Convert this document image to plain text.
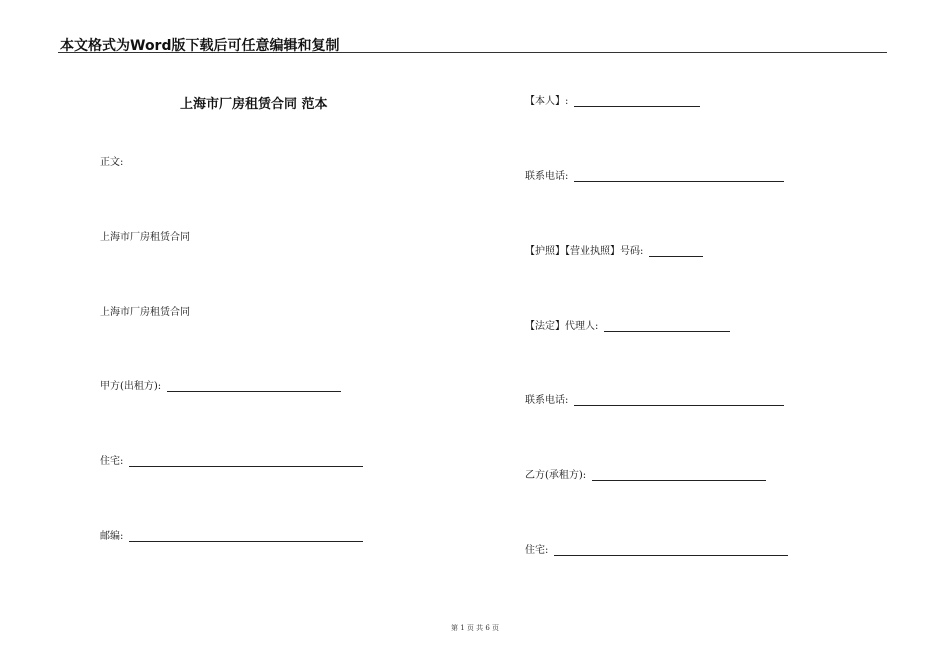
本文格式为Word版下载后可任意编辑和复制
上海市厂房租赁合同 范本
正文:
上海市厂房租赁合同
上海市厂房租赁合同
甲方(出租方):
住宅:
邮编:
【本人】:
联系电话:
【护照】【营业执照】号码:
【法定】代理人:
联系电话:
乙方(承租方):
住宅:
第 1 页 共 6 页
